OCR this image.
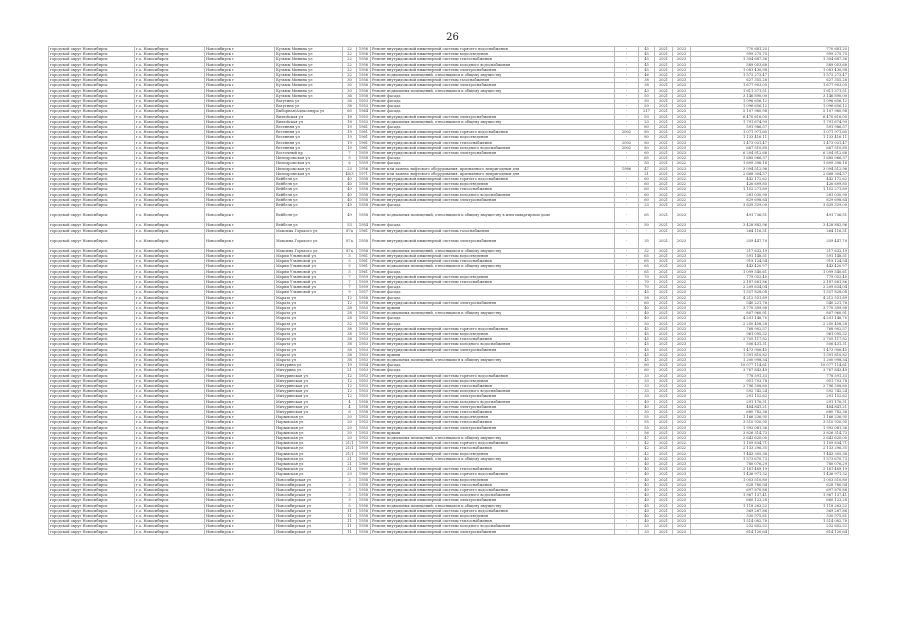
26
городской округ Новосибирск	г.о. Новосибирск	Новосибирск г	Кузьмы Минина ул	22	1956	Ремонт внутридомовой инженерной системы горячего водоснабжения	-	45	2021	2023	770 681,25	770 681,25
городской округ Новосибирск	г.о. Новосибирск	Новосибирск г	Кузьмы Минина ул	22	1956	Ремонт внутридомовой инженерной системы водоотведения	-	45	2021	2023	999 275,75	999 275,75
городской округ Новосибирск	г.о. Новосибирск	Новосибирск г	Кузьмы Минина ул	22	1956	Ремонт внутридомовой инженерной системы теплоснабжения	-	45	2021	2023	1 354 687,36	1 354 687,36
городской округ Новосибирск	г.о. Новосибирск	Новосибирск г	Кузьмы Минина ул	22	1956	Ремонт внутридомовой инженерной системы холодного водоснабжения	-	45	2021	2023	589 053,68	589 053,68
городской округ Новосибирск	г.о. Новосибирск	Новосибирск г	Кузьмы Минина ул	22	1956	Ремонт внутридомовой инженерной системы электроснабжения	-	45	2021	2023	1 081 430,98	1 081 430,98
городской округ Новосибирск	г.о. Новосибирск	Новосибирск г	Кузьмы Минина ул	22	1956	Ремонт подвальных помещений, относящихся к общему имуществу	-	46	2021	2023	1 573 273,47	1 573 273,47
городской округ Новосибирск	г.о. Новосибирск	Новосибирск г	Кузьмы Минина ул	30	1956	Ремонт внутридомовой инженерной системы газоснабжения	-	38	2021	2023	627 355,28	627 355,28
городской округ Новосибирск	г.о. Новосибирск	Новосибирск г	Кузьмы Минина ул	30	1956	Ремонт внутридомовой инженерной системы электроснабжения	-	38	2021	2023	1 677 903,05	1 677 903,05
городской округ Новосибирск	г.о. Новосибирск	Новосибирск г	Кузьмы Минина ул	30	1956	Ремонт подвальных помещений, относящихся к общему имуществу	-	43	2021	2023	1 611 371,51	1 611 371,51
городской округ Новосибирск	г.о. Новосибирск	Новосибирск г	Кузьмы Минина ул	36	1958	Ремонт фасада	-	50	2021	2023	3 146 890,00	3 146 890,00
городской округ Новосибирск	г.о. Новосибирск	Новосибирск г	Ватутина ул	36	1953	Ремонт фасада	-	50	2021	2023	1 096 656,12	1 096 656,12
городской округ Новосибирск	г.о. Новосибирск	Новосибирск г	Ватутина ул	38	1953	Ремонт фасада	-	50	2021	2023	1 096 656,12	1 096 656,12
городской округ Новосибирск	г.о. Новосибирск	Новосибирск г	Выборная/Александра ул	60	1964	Ремонт фасада	-	217	2021	2023	5 107 960,98	5 107 960,98
городской округ Новосибирск	г.о. Новосибирск	Новосибирск г	Вилюйская ул	18	1953	Ремонт внутридомовой инженерной системы электроснабжения	-	50	2021	2023	6 470 616,00	6 470 616,00
городской округ Новосибирск	г.о. Новосибирск	Новосибирск г	Вилюйская ул	18	1953	Ремонт подвальных помещений, относящихся к общему имуществу	-	23	2021	2023	1 791 674,99	1 791 674,99
городской округ Новосибирск	г.о. Новосибирск	Новосибирск г	Весенняя ул	19	1961	Ремонт фасада	-	80	2021	2023	591 986,57	591 986,57
городской округ Новосибирск	г.о. Новосибирск	Новосибирск г	Весенняя ул	19	1961	Ремонт внутридомовой инженерной системы горячего водоснабжения	2002	80	2021	2023	1 071 971,60	1 071 971,60
городской округ Новосибирск	г.о. Новосибирск	Новосибирск г	Весенняя ул	19	1961	Ремонт внутридомовой инженерной системы водоотведения	-	80	2021	2023	1 133 416,11	1 133 416,11
городской округ Новосибирск	г.о. Новосибирск	Новосибирск г	Весенняя ул	19	1961	Ремонт внутридомовой инженерной системы теплоснабжения	2002	80	2021	2023	1 473 031,47	1 473 031,47
городской округ Новосибирск	г.о. Новосибирск	Новосибирск г	Весенняя ул	19	1961	Ремонт внутридомовой инженерной системы холодного водоснабжения	2002	80	2021	2023	667 510,80	667 510,80
городской округ Новосибирск	г.о. Новосибирск	Новосибирск г	Восточный пр	7	1959	Ремонт внутридомовой инженерной системы электроснабжения	-	60	2021	2023	6 204 912,68	6 204 912,68
городской округ Новосибирск	г.о. Новосибирск	Новосибирск г	Ипподромская ул	5	1958	Ремонт фасада	-	65	2021	2022	1 685 966,37	1 685 966,37
городской округ Новосибирск	г.о. Новосибирск	Новосибирск г	Ипподромская ул	6	1959	Ремонт фасада	-	50	2021	2022	1 699 396,18	1 699 396,18
городской округ Новосибирск	г.о. Новосибирск	Новосибирск г	Ипподромская ул	23	1956	Ремонт или замена лифтового оборудования, признанного непригодным для	1986	47	2021	2023	3 094 512,96	3 094 512,96
городской округ Новосибирск	г.о. Новосибирск	Новосибирск г	Ипподромская ул	40/3	1971	Ремонт или замена лифтового оборудования, признанного непригодным для	-	21	2021	2022	2 668 304,37	2 668 304,37
городской округ Новосибирск	г.о. Новосибирск	Новосибирск г	Вейбеля ул	40	1958	Ремонт внутридомовой инженерной системы горячего водоснабжения	-	60	2021	2022	442 172,62	442 172,62
городской округ Новосибирск	г.о. Новосибирск	Новосибирск г	Вейбеля ул	40	1958	Ремонт внутридомовой инженерной системы водоотведения	-	60	2021	2022	426 699,85	426 699,85
городской округ Новосибирск	г.о. Новосибирск	Новосибирск г	Вейбеля ул	40	1958	Ремонт внутридомовой инженерной системы теплоснабжения	-	60	2021	2022	1 152 271,69	1 152 271,69
городской округ Новосибирск	г.о. Новосибирск	Новосибирск г	Вейбеля ул	40	1958	Ремонт внутридомовой инженерной системы холодного водоснабжения	-	60	2021	2022	281 030,90	281 030,90
городской округ Новосибирск	г.о. Новосибирск	Новосибирск г	Вейбеля ул	40	1958	Ремонт внутридомовой инженерной системы электроснабжения	-	60	2021	2022	829 698,64	829 698,64
городской округ Новосибирск	г.о. Новосибирск	Новосибирск г	Вейбеля ул	49	1958	Ремонт фасада	-	23	2021	2023	3 639 329,00	3 639 329,00
городской округ Новосибирск	г.о. Новосибирск	Новосибирск г	Вейбеля ул	49	1958	Ремонт подвальных помещений, относящихся к общему имуществу в многоквартирном доме	-	65	2021	2023	491 736,51	491 736,51
городской округ Новосибирск	г.о. Новосибирск	Новосибирск г	Вейбеля ул	53	1954	Ремонт фасада	-	50	2021	2023	3 428 882,96	3 428 882,96
городской округ Новосибирск	г.о. Новосибирск	Новосибирск г	Максима Горького ул	87а	1961	Ремонт внутридомовой инженерной системы газоснабжения	-	-	2021	2023	264 116,31	264 116,31
городской округ Новосибирск	г.о. Новосибирск	Новосибирск г	Максима Горького ул	87а	1958	Ремонт внутридомовой инженерной системы электроснабжения	-	35	2021	2023	359 447,70	359 447,70
городской округ Новосибирск	г.о. Новосибирск	Новосибирск г	Максима Горького ул	87а	1958	Ремонт подвальных помещений, относящихся к общему имуществу	-	32	2021	2023	217 632,19	217 632,19
городской округ Новосибирск	г.о. Новосибирск	Новосибирск г	Марии Ульяновой ул	5	1961	Ремонт внутридомовой инженерной системы водоотведения	-	65	2021	2023	591 148,51	591 148,51
городской округ Новосибирск	г.о. Новосибирск	Новосибирск г	Марии Ульяновой ул	5	1961	Ремонт внутридомовой инженерной системы теплоснабжения	-	65	2021	2023	919 124,54	919 124,54
городской округ Новосибирск	г.о. Новосибирск	Новосибирск г	Марии Ульяновой ул	5	1961	Ремонт подвальных помещений, относящихся к общему имуществу	-	65	2021	2023	443 420,97	443 420,97
городской округ Новосибирск	г.о. Новосибирск	Новосибирск г	Марии Ульяновой ул	5	1961	Ремонт фасада	-	65	2021	2023	1 099 540,61	1 099 540,61
городской округ Новосибирск	г.о. Новосибирск	Новосибирск г	Марии Ульяновой ул	7	1959	Ремонт внутридомовой инженерной системы водоотведения	-	70	2021	2022	779 052,40	779 052,40
городской округ Новосибирск	г.о. Новосибирск	Новосибирск г	Марии Ульяновой ул	7	1959	Ремонт внутридомовой инженерной системы теплоснабжения	-	70	2021	2022	2 187 661,86	2 187 661,86
городской округ Новосибирск	г.о. Новосибирск	Новосибирск г	Марии Ульяновой ул	7	1959	Ремонт фасада	-	70	2021	2022	2 209 634,04	2 209 634,04
городской округ Новосибирск	г.о. Новосибирск	Новосибирск г	Марии Ульяновой ул	9	1957	Ремонт фасада	-	45	2021	2023	1 557 828,08	1 557 828,08
городской округ Новосибирск	г.о. Новосибирск	Новосибирск г	Марата ул	12	1958	Ремонт фасада	-	58	2021	2022	4 212 551,89	4 212 551,89
городской округ Новосибирск	г.о. Новосибирск	Новосибирск г	Марата ул	12	1958	Ремонт внутридомовой инженерной системы электроснабжения	-	60	2021	2022	540 221,76	540 221,76
городской округ Новосибирск	г.о. Новосибирск	Новосибирск г	Марата ул	28	1953	Ремонт крыши	-	40	2021	2023	3 770 309,98	3 770 309,98
городской округ Новосибирск	г.о. Новосибирск	Новосибирск г	Марата ул	28	1953	Ремонт подвальных помещений, относящихся к общему имуществу	-	40	2021	2023	807 960,91	807 960,91
городской округ Новосибирск	г.о. Новосибирск	Новосибирск г	Марата ул	28	1953	Ремонт фасада	-	40	2021	2023	4 251 146,70	4 251 146,70
городской округ Новосибирск	г.о. Новосибирск	Новосибирск г	Марата ул	32	1958	Ремонт фасада	-	50	2021	2023	2 250 458,28	2 250 458,28
городской округ Новосибирск	г.о. Новосибирск	Новосибирск г	Марата ул	38	1953	Ремонт внутридомовой инженерной системы горячего водоснабжения	-	45	2021	2023	768 902,57	768 902,57
городской округ Новосибирск	г.о. Новосибирск	Новосибирск г	Марата ул	38	1953	Ремонт внутридомовой инженерной системы водоотведения	-	45	2021	2023	961 095,32	961 095,32
городской округ Новосибирск	г.о. Новосибирск	Новосибирск г	Марата ул	38	1953	Ремонт внутридомовой инженерной системы теплоснабжения	-	45	2021	2023	2 705 117,82	2 705 117,82
городской округ Новосибирск	г.о. Новосибирск	Новосибирск г	Марата ул	38	1953	Ремонт внутридомовой инженерной системы холодного водоснабжения	-	45	2021	2023	506 431,31	506 431,31
городской округ Новосибирск	г.о. Новосибирск	Новосибирск г	Марата ул	38	1953	Ремонт внутридомовой инженерной системы электроснабжения	-	45	2021	2023	1 473 906,45	1 473 906,45
городской округ Новосибирск	г.о. Новосибирск	Новосибирск г	Марата ул	38	1953	Ремонт крыши	-	45	2021	2023	1 591 810,82	1 591 810,82
городской округ Новосибирск	г.о. Новосибирск	Новосибирск г	Марата ул	38	1953	Ремонт подвальных помещений, относящихся к общему имуществу	-	45	2021	2023	1 200 998,34	1 200 998,34
городской округ Новосибирск	г.о. Новосибирск	Новосибирск г	Мичурина ул	19	1954	Ремонт фасада	-	60	2021	2023	10 077 114,61	10 077 114,61
городской округ Новосибирск	г.о. Новосибирск	Новосибирск г	Мичурина ул	21	1953	Ремонт фасада	-	60	2021	2023	3 767 843,49	3 767 843,49
городской округ Новосибирск	г.о. Новосибирск	Новосибирск г	Мичуринская ул	12	1953	Ремонт внутридомовой инженерной системы горячего водоснабжения	-	33	2021	2023	778 591,33	778 591,33
городской округ Новосибирск	г.о. Новосибирск	Новосибирск г	Мичуринская ул	12	1953	Ремонт внутридомовой инженерной системы водоотведения	-	33	2021	2023	951 703,78	951 703,78
городской округ Новосибирск	г.о. Новосибирск	Новосибирск г	Мичуринская ул	12	1953	Ремонт внутридомовой инженерной системы теплоснабжения	-	33	2021	2023	2 796 308,60	2 796 308,60
городской округ Новосибирск	г.о. Новосибирск	Новосибирск г	Мичуринская ул	12	1953	Ремонт внутридомовой инженерной системы холодного водоснабжения	-	33	2021	2023	592 742,24	592 742,24
городской округ Новосибирск	г.о. Новосибирск	Новосибирск г	Мичуринская ул	12	1953	Ремонт внутридомовой инженерной системы электроснабжения	-	33	2021	2023	291 152,62	291 152,62
городской округ Новосибирск	г.о. Новосибирск	Новосибирск г	Мичуринская ул	4	1958	Ремонт внутридомовой инженерной системы холодного водоснабжения	-	40	2021	2023	291 176,31	291 176,31
городской округ Новосибирск	г.о. Новосибирск	Новосибирск г	Мичуринская ул	4	1958	Ремонт внутридомовой инженерной системы электроснабжения	-	40	2021	2023	484 841,21	484 841,21
городской округ Новосибирск	г.о. Новосибирск	Новосибирск г	Мичуринская ул	6	1958	Ремонт внутридомовой инженерной системы теплоснабжения	-	30	2021	2023	680 782,36	680 782,36
городской округ Новосибирск	г.о. Новосибирск	Новосибирск г	Нарымская ул	20	1953	Ремонт внутридомовой инженерной системы водоотведения	-	55	2021	2023	1 166 236,95	1 166 236,95
городской округ Новосибирск	г.о. Новосибирск	Новосибирск г	Нарымская ул	20	1953	Ремонт внутридомовой инженерной системы теплоснабжения	-	55	2021	2023	3 510 920,95	3 510 920,95
городской округ Новосибирск	г.о. Новосибирск	Новосибирск г	Нарымская ул	20	1953	Ремонт внутридомовой инженерной системы электроснабжения	-	55	2021	2023	1 992 081,36	1 992 081,36
городской округ Новосибирск	г.о. Новосибирск	Новосибирск г	Нарымская ул	20	1953	Ремонт крыши	-	56	2021	2023	3 826 314,73	3 826 314,73
городской округ Новосибирск	г.о. Новосибирск	Новосибирск г	Нарымская ул	20	1953	Ремонт подвальных помещений, относящихся к общему имуществу	-	47	2021	2023	2 643 620,00	2 643 620,00
городской округ Новосибирск	г.о. Новосибирск	Новосибирск г	Нарымская ул	21/1	1959	Ремонт внутридомовой инженерной системы горячего водоснабжения	-	42	2021	2022	1 109 834,71	1 109 834,71
городской округ Новосибирск	г.о. Новосибирск	Новосибирск г	Нарымская ул	21/1	1959	Ремонт внутридомовой инженерной системы теплоснабжения	-	42	2021	2022	2 133 296,35	2 133 296,35
городской округ Новосибирск	г.о. Новосибирск	Новосибирск г	Нарымская ул	21/1	1959	Ремонт внутридомовой инженерной системы водоотведения	-	42	2021	2022	1 443 305,38	1 443 305,38
городской округ Новосибирск	г.о. Новосибирск	Новосибирск г	Нарымская ул	21	1960	Ремонт подвальных помещений, относящихся к общему имуществу	-	40	2021	2023	1 573 670,73	1 573 670,73
городской округ Новосибирск	г.о. Новосибирск	Новосибирск г	Нарымская ул	21	1960	Ремонт фасада	-	40	2021	2023	780 076,29	780 076,29
городской округ Новосибирск	г.о. Новосибирск	Новосибирск г	Нарымская ул	21	1960	Ремонт внутридомовой инженерной системы теплоснабжения	-	40	2021	2023	2 161 469,19	2 161 469,19
городской округ Новосибирск	г.о. Новосибирск	Новосибирск г	Нарымская ул	23	1960	Ремонт внутридомовой инженерной системы горячего водоснабжения	-	40	2021	2023	1 436 971,32	1 436 971,32
городской округ Новосибирск	г.о. Новосибирск	Новосибирск г	Новосибирская ул	3	1958	Ремонт внутридомовой инженерной системы водоотведения	-	40	2021	2023	1 003 510,80	1 003 510,80
городской округ Новосибирск	г.о. Новосибирск	Новосибирск г	Новосибирская ул	3	1958	Ремонт внутридомовой инженерной системы теплоснабжения	-	40	2021	2023	628 780,94	628 780,94
городской округ Новосибирск	г.о. Новосибирск	Новосибирск г	Новосибирская ул	3	1958	Ремонт внутридомовой инженерной системы горячего водоснабжения	-	40	2021	2023	697 870,88	697 870,88
городской округ Новосибирск	г.о. Новосибирск	Новосибирск г	Новосибирская ул	3	1958	Ремонт внутридомовой инженерной системы холодного водоснабжения	-	40	2021	2023	1 967 137,41	1 967 137,41
городской округ Новосибирск	г.о. Новосибирск	Новосибирск г	Новосибирская ул	3	1958	Ремонт внутридомовой инженерной системы электроснабжения	-	40	2021	2023	660 123,28	660 123,28
городской округ Новосибирск	г.о. Новосибирск	Новосибирск г	Новосибирская ул	5	1956	Ремонт подвальных помещений, относящихся к общему имуществу	-	45	2021	2023	1 118 263,52	1 118 263,52
городской округ Новосибирск	г.о. Новосибирск	Новосибирск г	Новосибирская ул	11	1958	Ремонт внутридомовой инженерной системы горячего водоснабжения	-	40	2021	2023	369 287,86	369 287,86
городской округ Новосибирск	г.о. Новосибирск	Новосибирск г	Новосибирская ул	11	1958	Ремонт внутридомовой инженерной системы водоотведения	-	40	2021	2023	330 975,61	330 975,61
городской округ Новосибирск	г.о. Новосибирск	Новосибирск г	Новосибирская ул	11	1958	Ремонт внутридомовой инженерной системы теплоснабжения	-	40	2021	2023	1 514 082,78	1 514 082,78
городской округ Новосибирск	г.о. Новосибирск	Новосибирск г	Новосибирская ул	11	1958	Ремонт внутридомовой инженерной системы холодного водоснабжения	-	33	2021	2023	232 602,52	232 602,52
городской округ Новосибирск	г.о. Новосибирск	Новосибирск г	Новосибирская ул	11	1958	Ремонт внутридомовой инженерной системы электроснабжения	-	33	2021	2023	614 120,64	614 120,64
